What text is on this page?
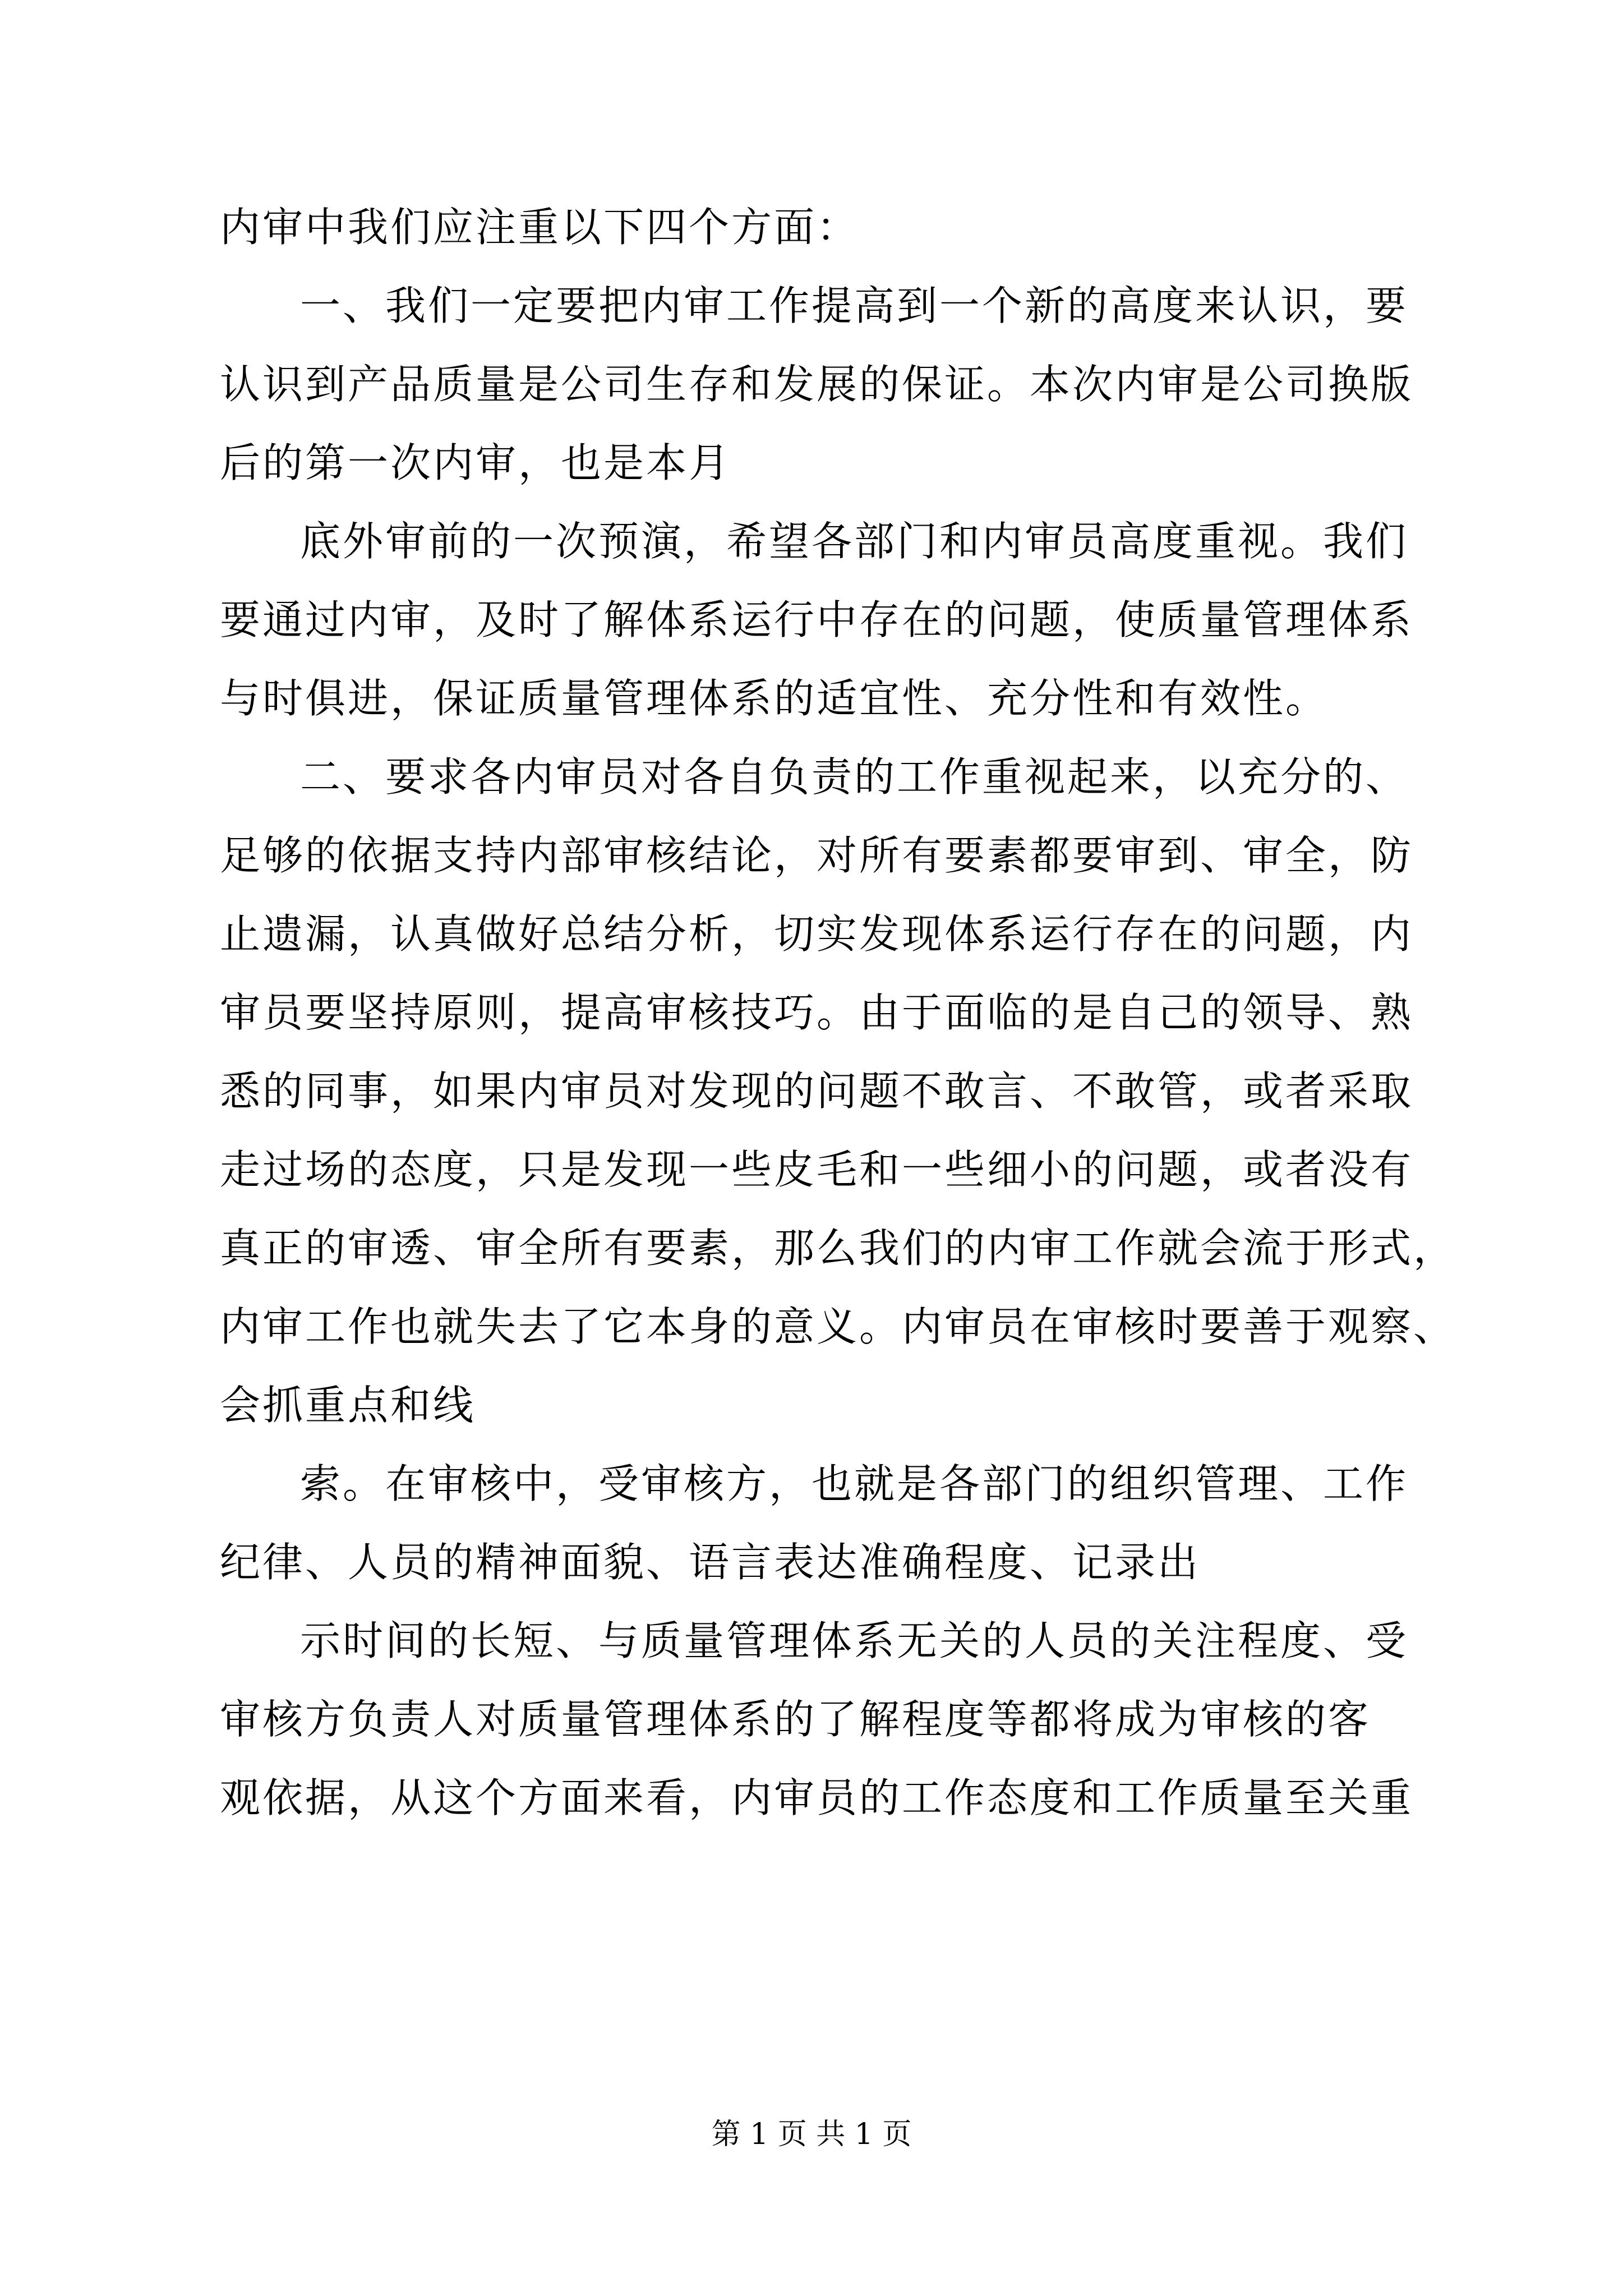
内审中我们应注重以下四个方面：
一、我们一定要把内审工作提高到一个新的高度来认识，要
认识到产品质量是公司生存和发展的保证。本次内审是公司换版
后的第一次内审，也是本月
底外审前的一次预演，希望各部门和内审员高度重视。我们
要通过内审，及时了解体系运行中存在的问题，使质量管理体系
与时俱进，保证质量管理体系的适宜性、充分性和有效性。
二、要求各内审员对各自负责的工作重视起来，以充分的、
足够的依据支持内部审核结论，对所有要素都要审到、审全，防
止遗漏，认真做好总结分析，切实发现体系运行存在的问题，内
审员要坚持原则，提高审核技巧。由于面临的是自己的领导、熟
悉的同事，如果内审员对发现的问题不敢言、不敢管，或者采取
走过场的态度，只是发现一些皮毛和一些细小的问题，或者没有
真正的审透、审全所有要素，那么我们的内审工作就会流于形式，
内审工作也就失去了它本身的意义。内审员在审核时要善于观察、
会抓重点和线
索。在审核中，受审核方，也就是各部门的组织管理、工作
纪律、人员的精神面貌、语言表达准确程度、记录出
示时间的长短、与质量管理体系无关的人员的关注程度、受
审核方负责人对质量管理体系的了解程度等都将成为审核的客
观依据，从这个方面来看，内审员的工作态度和工作质量至关重
第 1 页 共 1 页
